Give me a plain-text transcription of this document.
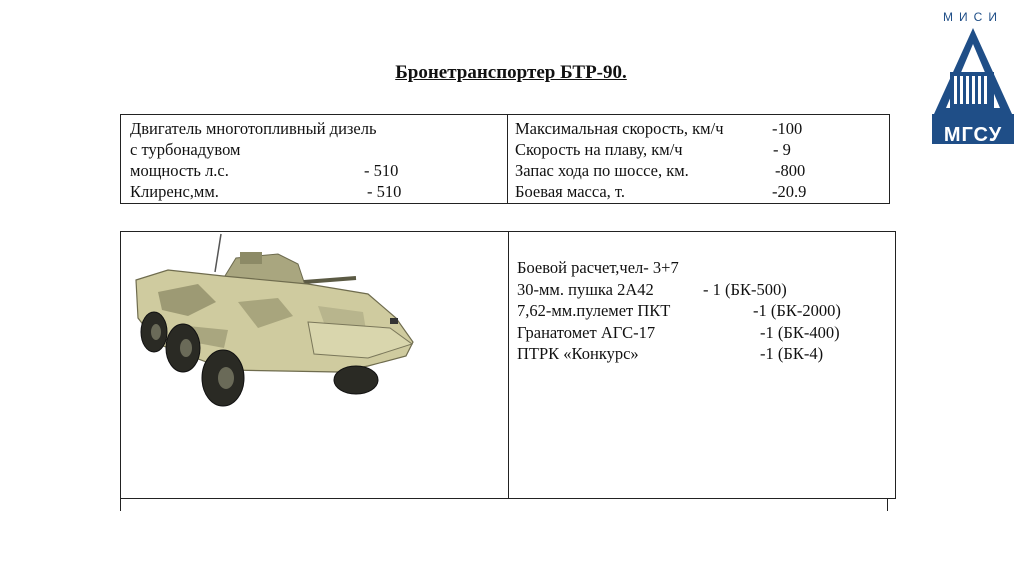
Бронетранспортер БТР-90.
Двигатель многотопливный дизель
с турбонадувом
мощность л.с.	- 510
Клиренс,мм.	- 510
Максимальная скорость, км/ч	-100
Скорость на плаву, км/ч	- 9
Запас хода по шоссе, км.	-800
Боевая масса, т.	-20.9
Боевой расчет,чел- 3+7
30-мм. пушка 2А42	- 1 (БК-500)
7,62-мм.пулемет ПКТ	-1 (БК-2000)
Гранатомет АГС-17	-1 (БК-400)
ПТРК «Конкурс»	-1 (БК-4)
МИСИ
МГСУ
